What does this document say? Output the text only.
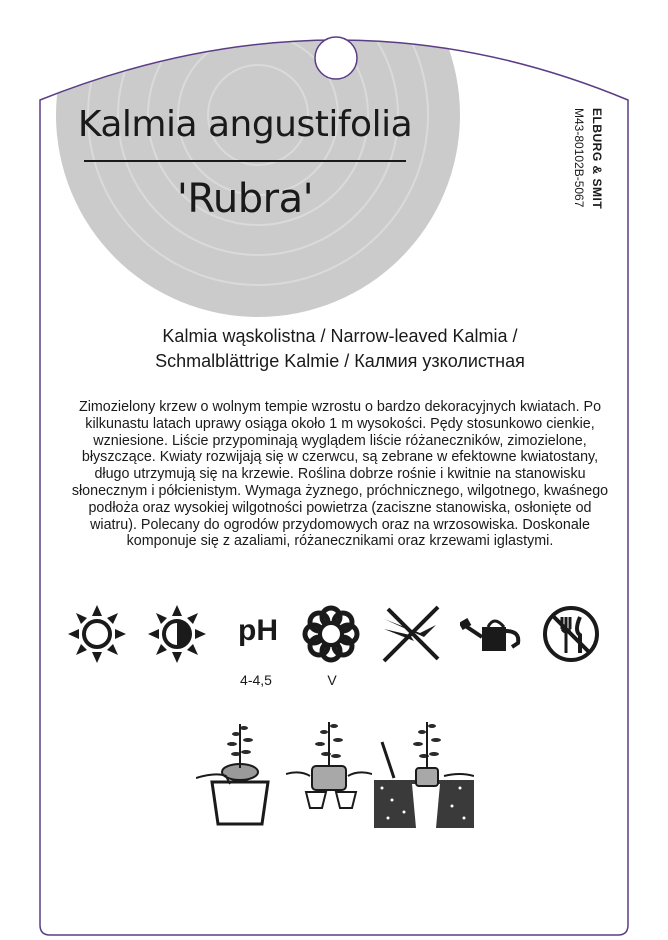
Kalmia angustifolia
'Rubra'	ELBURG & SMIT
M43-80102B-5067
Kalmia wąskolistna / Narrow-leaved Kalmia /
Schmalblättrige Kalmie / Калмия узколистная
Zimozielony krzew o wolnym tempie wzrostu o bardzo dekoracyjnych kwiatach. Po kilkunastu latach uprawy osiąga około 1 m wysokości. Pędy stosunkowo cienkie, wzniesione. Liście przypominają wyglądem liście różaneczników, zimozielone, błyszczące. Kwiaty rozwijają się w czerwcu, są zebrane w efektowne kwiatostany, długo utrzymują się na krzewie. Roślina dobrze rośnie i kwitnie na stanowisku słonecznym i półcienistym. Wymaga żyznego, próchnicznego, wilgotnego, kwaśnego podłoża oraz wysokiej wilgotności powietrza (zaciszne stanowiska, osłonięte od wiatru). Polecany do ogrodów przydomowych oraz na wrzosowiska. Doskonale komponuje się z azaliami, różanecznikami oraz krzewami iglastymi.
pH
4-4,5	V
